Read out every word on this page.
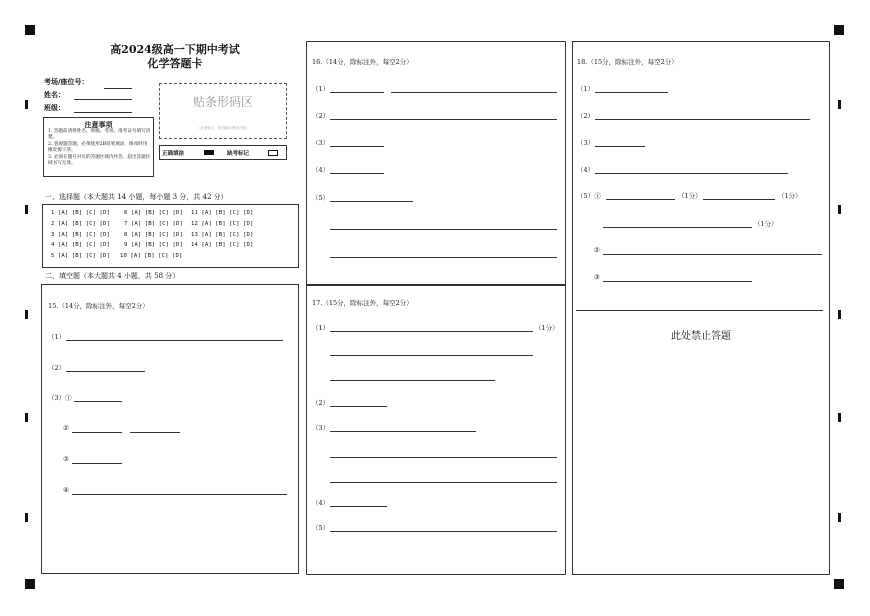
高2024级高一下期中考试
化学答题卡
考场/座位号：
姓名：
班级：
注意事项
1. 答题前请将姓名、班级、考场、准考证号填写清楚。
2. 客观题答题，必须使用2B铅笔填涂，修改时用橡皮擦干净。
3. 必须在题号对应的答题区域内作答，超出答题区域书写无效。
贴条形码区
（正面朝上，切勿贴出虚线方框）
正确填涂	缺考标记
一、选择题（本大题共 14 小题，每小题 3 分，共 42 分）
1 [A] [B] [C] [D]
2 [A] [B] [C] [D]
3 [A] [B] [C] [D]
4 [A] [B] [C] [D]
5 [A] [B] [C] [D]
6 [A] [B] [C] [D]
7 [A] [B] [C] [D]
8 [A] [B] [C] [D]
9 [A] [B] [C] [D]
10 [A] [B] [C] [D]
11 [A] [B] [C] [D]
12 [A] [B] [C] [D]
13 [A] [B] [C] [D]
14 [A] [B] [C] [D]
二、填空题（本大题共 4 小题，共 58 分）
15.（14分，除标注外，每空2分）
（1）
（2）
（3）①
②
③
④
16.（14分，除标注外，每空2分）
（1）
（2）
（3）
（4）
（5）
17.（15分，除标注外，每空2分）
（1）	（1分）
（2）
（3）
（4）
（5）
18.（15分，除标注外，每空2分）
（1）
（2）
（3）
（4）
（5）①	（1分）	（1分）
（1分）
②
③
此处禁止答题
